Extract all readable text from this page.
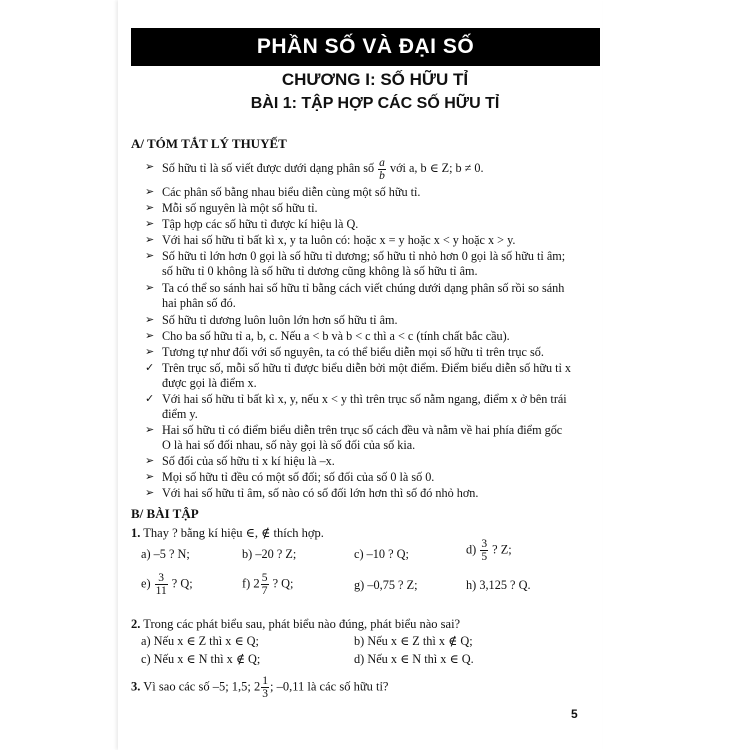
PHẦN SỐ VÀ ĐẠI SỐ
CHƯƠNG I: SỐ HỮU TỈ
BÀI 1: TẬP HỢP CÁC SỐ HỮU TỈ
A/ TÓM TẮT LÝ THUYẾT
➢ Số hữu tỉ là số viết được dưới dạng phân số $\frac{a}{b}$ với a, b ∈ Z; b ≠ 0.
➢ Các phân số bằng nhau biểu diễn cùng một số hữu tỉ.
➢ Mỗi số nguyên là một số hữu tỉ.
➢ Tập hợp các số hữu tỉ được kí hiệu là Q.
➢ Với hai số hữu tỉ bất kì x, y ta luôn có: hoặc x = y hoặc x < y hoặc x > y.
➢ Số hữu tỉ lớn hơn 0 gọi là số hữu tỉ dương; số hữu tỉ nhỏ hơn 0 gọi là số hữu tỉ âm;
số hữu tỉ 0 không là số hữu tỉ dương cũng không là số hữu tỉ âm.
➢ Ta có thể so sánh hai số hữu tỉ bằng cách viết chúng dưới dạng phân số rồi so sánh
hai phân số đó.
➢ Số hữu tỉ dương luôn luôn lớn hơn số hữu tỉ âm.
➢ Cho ba số hữu tỉ a, b, c. Nếu a < b và b < c thì a < c (tính chất bắc cầu).
➢ Tương tự như đối với số nguyên, ta có thể biểu diễn mọi số hữu tỉ trên trục số.
✓ Trên trục số, mỗi số hữu tỉ được biểu diễn bởi một điểm. Điểm biểu diễn số hữu tỉ x
được gọi là điểm x.
✓ Với hai số hữu tỉ bất kì x, y, nếu x < y thì trên trục số nằm ngang, điểm x ở bên trái
điểm y.
➢ Hai số hữu tỉ có điểm biểu diễn trên trục số cách đều và nằm về hai phía điểm gốc
O là hai số đối nhau, số này gọi là số đối của số kia.
➢ Số đối của số hữu tỉ x kí hiệu là –x.
➢ Mọi số hữu tỉ đều có một số đối; số đối của số 0 là số 0.
➢ Với hai số hữu tỉ âm, số nào có số đối lớn hơn thì số đó nhỏ hơn.
B/ BÀI TẬP
1. Thay ? bằng kí hiệu ∈, ∉ thích hợp.
a) –5 ? N;	b) –20 ? Z;	c) –10 ? Q;	$d) \frac{3}{5}$ ? Z;
$e) \frac{3}{11}$ ? Q;	f) $2 \frac{5}{7}$ ? Q;	g) –0,75 ? Z;	h) 3,125 ? Q.
2. Trong các phát biểu sau, phát biểu nào đúng, phát biểu nào sai?
a) Nếu x ∈ Z thì x ∈ Q;	b) Nếu x ∈ Z thì x ∉ Q;
c) Nếu x ∈ N thì x ∉ Q;	d) Nếu x ∈ N thì x ∈ Q.
3. Vì sao các số –5; 1,5; $2 \frac{1}{3}$ ; –0,11 là các số hữu tỉ?
5
